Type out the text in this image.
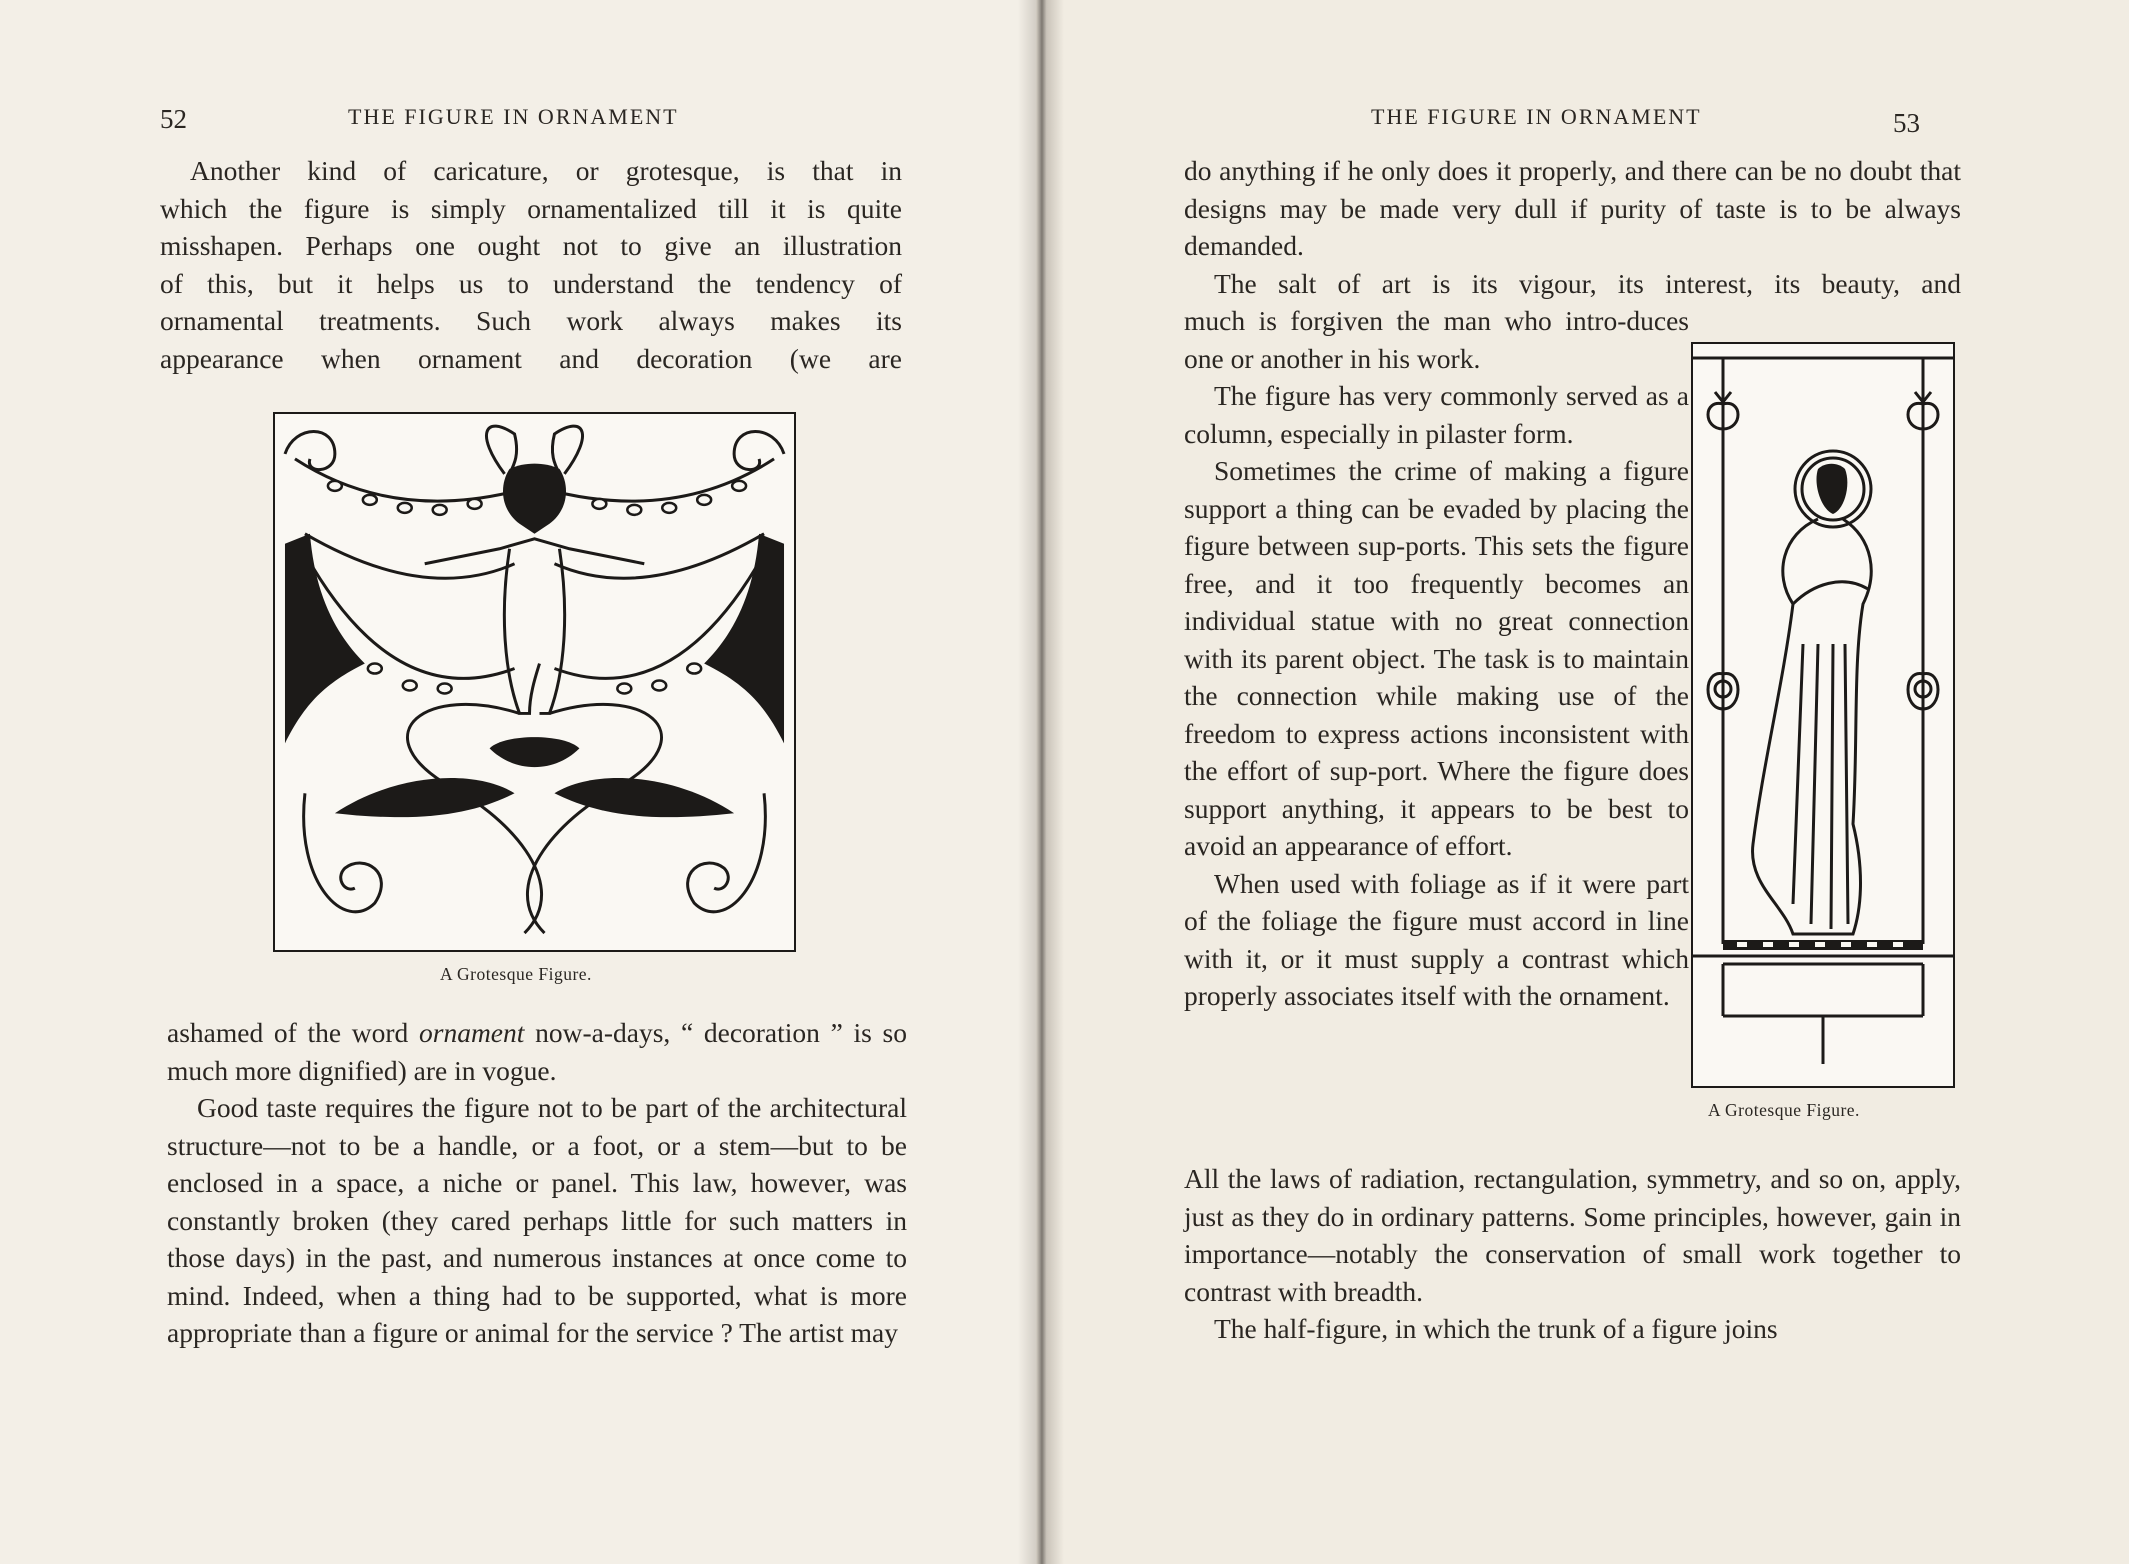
52	THE FIGURE IN ORNAMENT

Another kind of caricature, or grotesque, is that in

which the figure is simply ornamentalized till it is quite

misshapen. Perhaps one ought not to give an illustration

of this, but it helps us to understand the tendency of

ornamental treatments. Such work always makes its

appearance when ornament and decoration (we are

A Grotesque Figure.

ashamed of the word ornament now-a-days, “ decoration ” is so much more dignified) are in vogue.

Good taste requires the figure not to be part of the architectural structure—not to be a handle, or a foot, or a stem—but to be enclosed in a space, a niche or panel. This law, however, was constantly broken (they cared perhaps little for such matters in those days) in the past, and numerous instances at once come to mind. Indeed, when a thing had to be supported, what is more appropriate than a figure or animal for the service ? The artist may

THE FIGURE IN ORNAMENT	53

do anything if he only does it properly, and there can be no doubt that designs may be made very dull if purity of taste is to be always demanded.

The salt of art is its vigour, its interest, its beauty, and

much is forgiven the man who intro-duces one or another in his work.

The figure has very commonly served as a column, especially in pilaster form.

Sometimes the crime of making a figure support a thing can be evaded by placing the figure between sup-ports. This sets the figure free, and it too frequently becomes an individual statue with no great connection with its parent object. The task is to maintain the connection while making use of the freedom to express actions inconsistent with the effort of sup-port. Where the figure does support anything, it appears to be best to avoid an appearance of effort.

When used with foliage as if it were part of the foliage the figure must accord in line with it, or it must supply a contrast which properly associates itself with the ornament.

A Grotesque Figure.

All the laws of radiation, rectangulation, symmetry, and so on, apply, just as they do in ordinary patterns. Some principles, however, gain in importance—notably the conservation of small work together to contrast with breadth.

The half-figure, in which the trunk of a figure joins
